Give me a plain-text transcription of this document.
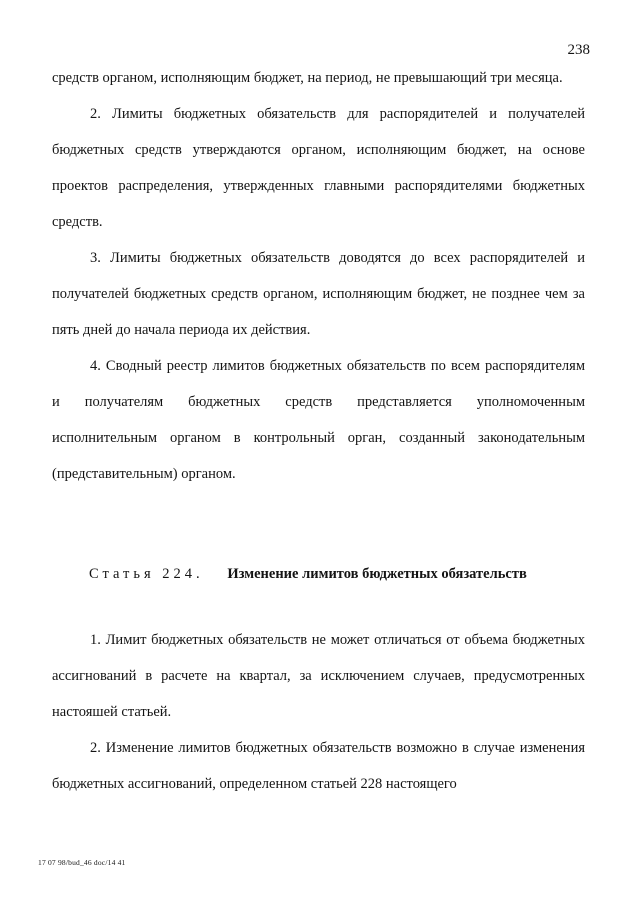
238

средств органом, исполняющим бюджет, на период, не превышающий три месяца.

2. Лимиты бюджетных обязательств для распорядителей и получателей бюджетных средств утверждаются органом, исполняющим бюджет, на основе проектов распределения, утвержденных главными распорядителями бюджетных средств.

3. Лимиты бюджетных обязательств доводятся до всех распорядителей и получателей бюджетных средств органом, исполняющим бюджет, не позднее чем за пять дней до начала периода их действия.

4. Сводный реестр лимитов бюджетных обязательств по всем распорядителям и получателям бюджетных средств представляется уполномоченным исполнительным органом в контрольный орган, созданный законодательным (представительным) органом.

Статья 224. Изменение лимитов бюджетных обязательств

1. Лимит бюджетных обязательств не может отличаться от объема бюджетных ассигнований в расчете на квартал, за исключением случаев, предусмотренных настояшей статьей.

2. Изменение лимитов бюджетных обязательств возможно в случае изменения бюджетных ассигнований, определенном статьей 228 настоящего

17 07 98/bud_46 doc/14 41
